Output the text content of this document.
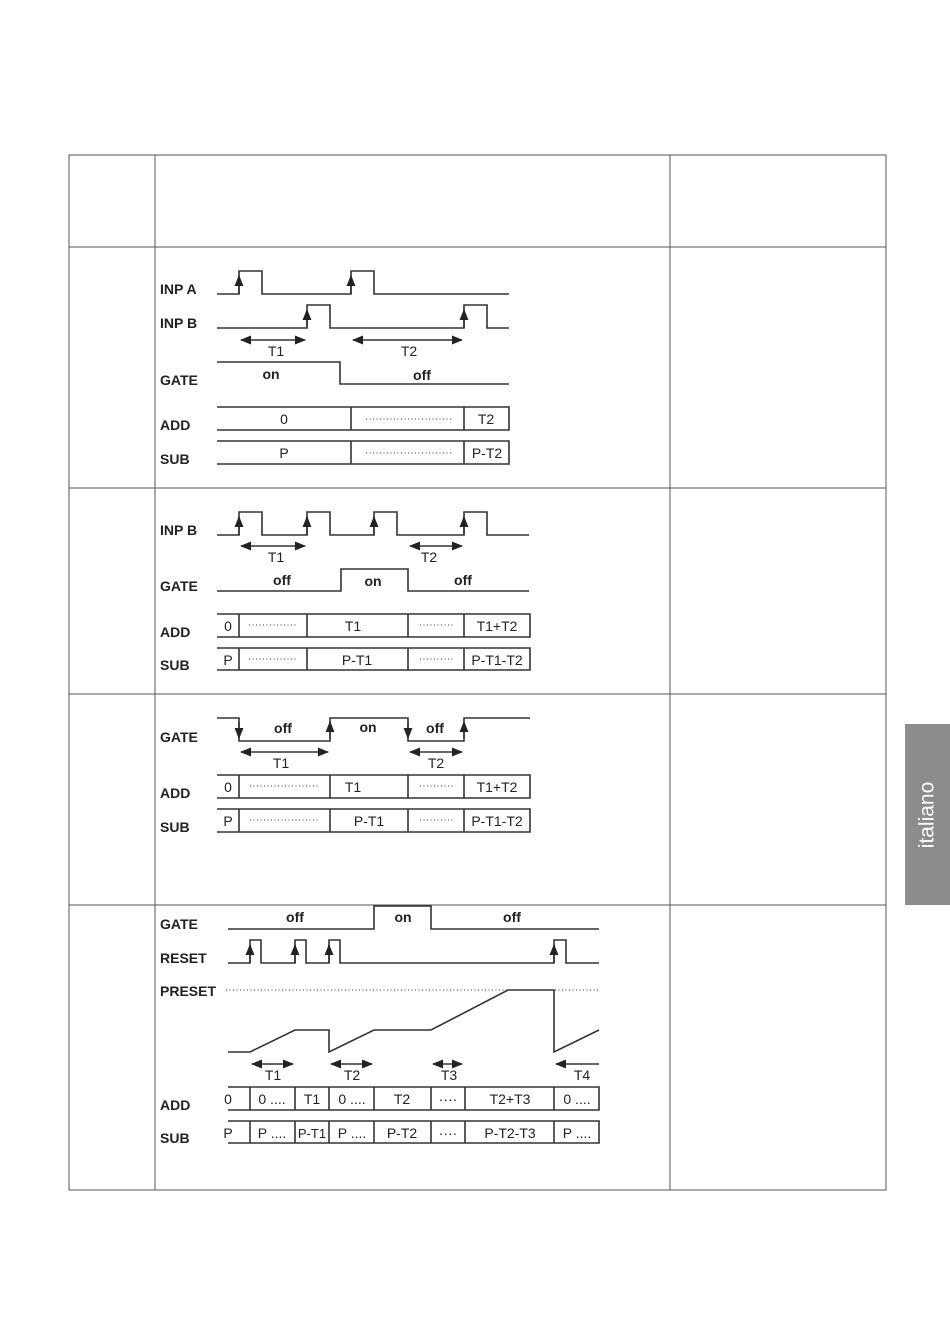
INP A
INP B
GATE
ADD
SUB
T1	T2
on	off
0	T2
P	P-T2
INP B
GATE
ADD
SUB
T1	T2
off	on	off
0	T1	T1+T2
P	P-T1	P-T1-T2
GATE
ADD
SUB
off	on	off
T1	T2
0	T1	T1+T2
P	P-T1	P-T1-T2
GATE
RESET
PRESET
ADD
SUB
off	on	off
T1	T2	T3	T4
0 0 .... T1 0 .... T2 ···· T2+T3 0 ....
P P .... P-T1 P .... P-T2 ···· P-T2-T3 P ....
italiano
